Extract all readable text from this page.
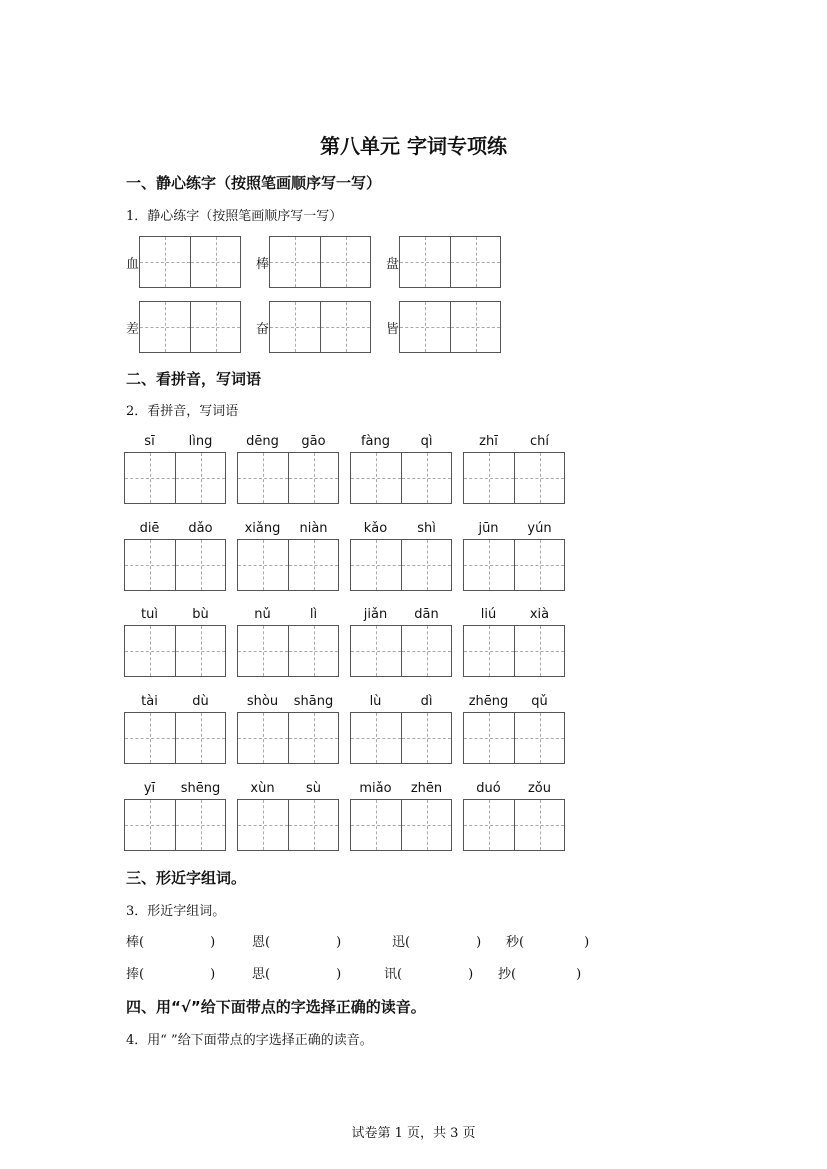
第八单元 字词专项练
一、静心练字（按照笔画顺序写一写）

1．静心练字（按照笔画顺序写一写）

血	棒	盘
差	奋	皆
二、看拼音，写词语

2．看拼音，写词语

sī	lìng	dēng	gāo	fàng	qì	zhī	chí
diē	dǎo	xiǎng	niàn	kǎo	shì	jūn	yún
tuì	bù	nǔ	lì	jiǎn	dān	liú	xià
tài	dù	shòu	shāng	lù	dì	zhēng	qǔ
yī	shēng	xùn	sù	miǎo	zhēn	duó	zǒu
三、形近字组词。

3．形近字组词。

棒(	)	恩(	)	迅(	) 秒(	)
捧(	)	思(	)	讯(	) 抄(	)
四、用“√”给下面带点的字选择正确的读音。

4．用“ ”给下面带点的字选择正确的读音。

试卷第 1 页，共 3 页
